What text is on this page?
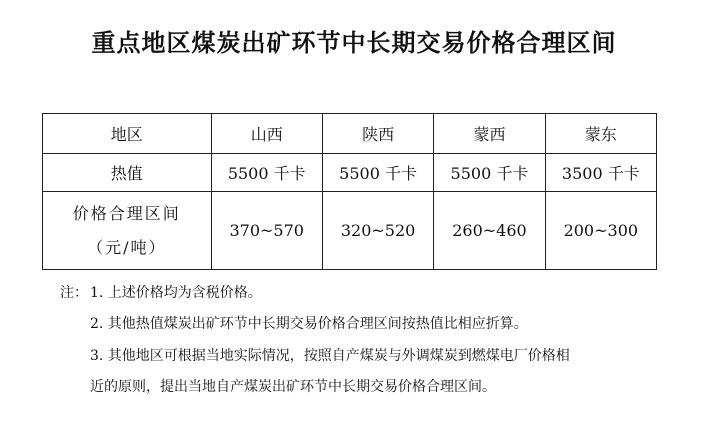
重点地区煤炭出矿环节中长期交易价格合理区间
地区	山西	陕西	蒙西	蒙东
热值	5500 千卡	5500 千卡	5500 千卡	3500 千卡

价格合理区间
（元/吨）	370~570	320~520	260~460	200~300
注： 1. 上述价格均为含税价格。
2. 其他热值煤炭出矿环节中长期交易价格合理区间按热值比相应折算。
3. 其他地区可根据当地实际情况，按照自产煤炭与外调煤炭到燃煤电厂价格相
近的原则，提出当地自产煤炭出矿环节中长期交易价格合理区间。
